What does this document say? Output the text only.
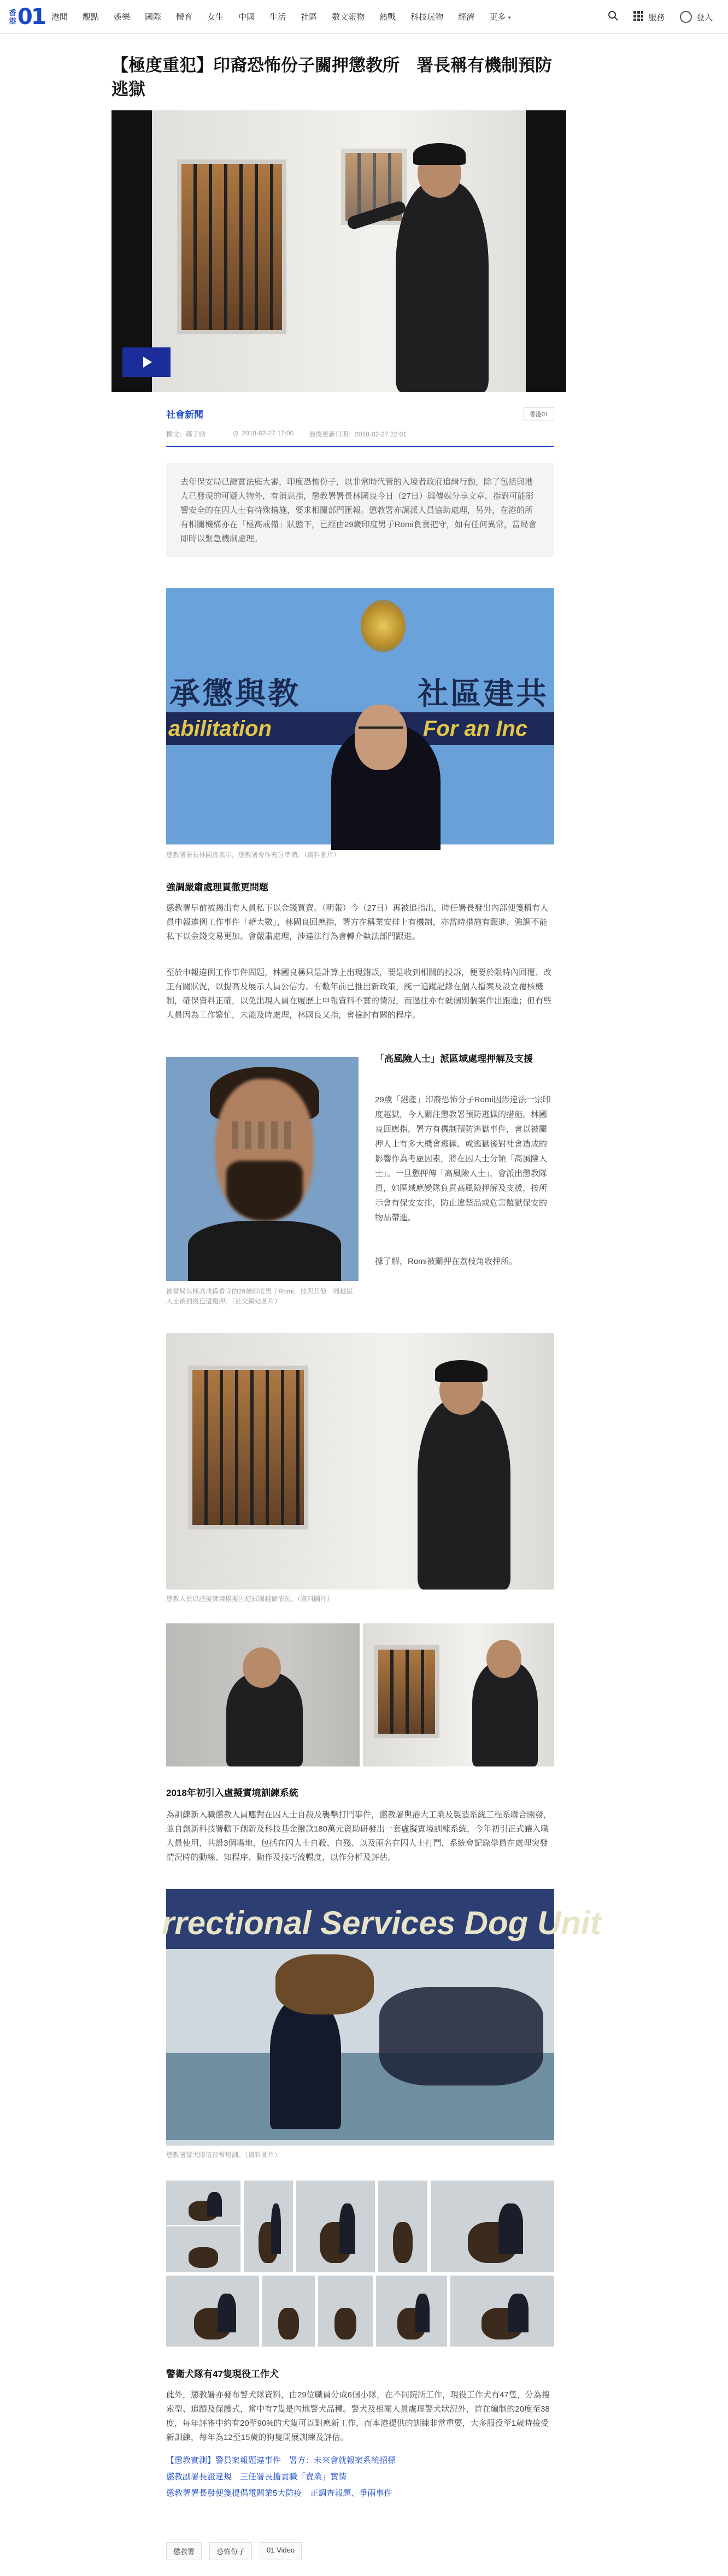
香港 01 港聞 觀點 娛樂 國際 體育 女生 中國 生活 社區 數文報物 熱戰 科技玩物 經濟 更多 ▾	服務	登入
【極度重犯】印裔恐怖份子關押懲教所　署長稱有機制預防逃獄
社會新聞	香港01
撰文：鄭子勁	◷ 2018-02-27 17:00 最後更新日期：2018-02-27 22:01

去年保安局已證實法庭大審，印度恐怖份子，以非常時代管的入境者政府追緝行動，除了包括與港人已發現的可疑人物外，有消息指，懲教署署長林國良今日（27日）與傳媒分享文章，指對可能影響安全的在囚人士有特殊措施，要求相關部門匯報。懲教署亦調派人員協助處理，另外，在港的所有相關機構亦在「極高戒備」狀態下，已經由29歲印度男子Romi負責把守，如有任何異常，當局會即時以緊急機制處理。

承懲與教	社區建共
abilitation	For an Inc
懲教署署長林國良表示，懲教署會作充分準備。（資料圖片）
強調嚴肅處理貫徹更問題
懲教署早前被揭出有人員私下以金錢買賣。（明報）今（27日）再被追指出，時任署長發出內部便箋稱有人員申報違例工作事件「藉大數」，林國良回應指，署方在稱業安排上有機制，亦當時措施有跟進，強調不能私下以金錢交易更加。會嚴肅處理，涉違法行為會轉介執法部門跟進。
至於申報違例工作事件問題，林國良稱只是計算上出現錯誤，要是收到相關的投訴，便要於限時內回覆、改正有關狀況，以提高及展示人員公信力。有數年前已推出新政策，統一追蹤記錄在個人檔案及設立覆核機制，確保資料正確，以免出現人員在履歷上申報資料不實的情況，而過往亦有就個別個案作出跟進；但有些人員因為工作繁忙，未能及時處理，林國良又指，會檢討有關的程序。
被當局以極高戒備看守的29歲印度男子Romi，他與其他一同越獄人士被捕後已遭還押。（社交網站圖片）
「高風險人士」派區域處理押解及支援
29歲「港產」印裔恐怖分子Romi因涉違法一宗印度越獄，今人關注懲教署預防逃獄的措施。林國良回應指，署方有機制預防逃獄事件，會以被關押人士有多大機會逃獄、或逃獄後對社會造成的影響作為考慮因素，將在囚人士分類「高風險人士」。一旦懲押傳「高風險人士」，會派出懲教隊員，如區域應變隊負責高風險押解及支援，按所示會有保安安排，防止違禁品或危害監獄保安的物品帶進。
據了解，Romi被關押在荔枝角收押所。
懲教人員以虛擬實境模擬囚犯試圖越獄情況。（資料圖片）
2018年初引入虛擬實境訓練系統
為訓練新入職懲教人員應對在囚人士自殺及襲擊打鬥事件，懲教署與港大工業及製造系統工程系聯合開發，並自創新科技署轄下創新及科技基金撥款180萬元資助研發出一套虛擬實境訓練系統，今年初引正式讓入職人員使用，共設3個場地，包括在囚人士自殺、自殘、以及兩名在囚人士打鬥，系統會記錄學員在處理突發情況時的動線、知程序、動作及技巧流暢度，以作分析及評估。
rrectional Services Dog Unit
懲教署警犬隊伍日常培訓。（資料圖片）
警衛犬隊有47隻現役工作犬
此外，懲教署亦發布警犬隊資料，由29位職員分成6個小隊，在不同院所工作，現役工作犬有47隻，分為搜索型、追蹤及保護式，當中有7隻是內地警犬品種。警犬及相關人員處理警犬狀況外，首在編制的20度至38度，每年評審中約有20至90%的犬隻可以對應新工作，而本港提供的訓練非常重要，大多服役至1歲時接受新訓練，每年為12至15歲的狗隻開展訓練及評估。
【懲教實測】警員案報題違事件　署方：未來會就報案系統招標
懲教副署長證違規　三任署長擔責職「賣業」實情
懲教署署長發便箋提倡電關業5大防疫　正調查報題、爭兩事件
懲教署	恐怖份子	01 Video
